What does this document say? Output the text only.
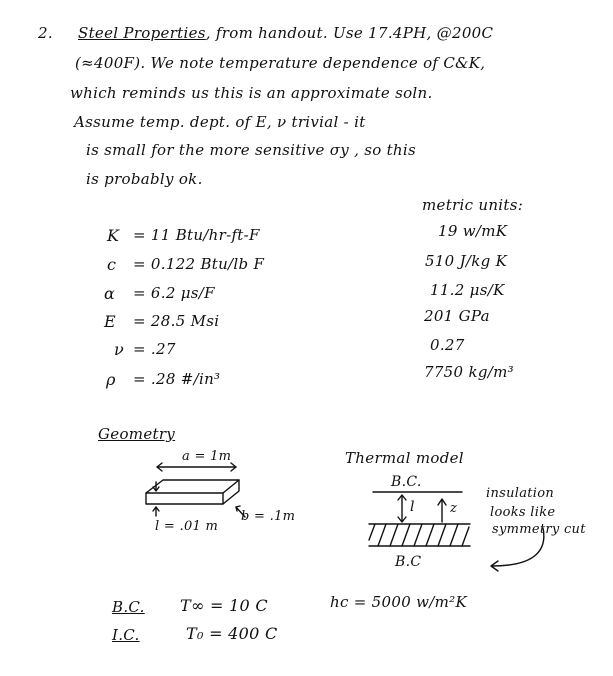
2. Steel Properties, from handout. Use 17.4PH, @200C
(≈400F). We note temperature dependence of C&K,
which reminds us this is an approximate soln.
Assume temp. dept. of E, ν trivial - it
is small for the more sensitive σy , so this
is probably ok.
metric units:
K = 11 Btu/hr-ft-F	19 w/mK
c = 0.122 Btu/lb F	510 J/kg K
α = 6.2 μs/F	11.2 μs/K
E = 28.5 Msi	201 GPa
ν = .27	0.27
ρ = .28 #/in³	7750 kg/m³
Geometry
a = 1m
b = .1m
l = .01 m
Thermal model
B.C.
B.C
l	z
insulation
looks like
symmetry cut
B.C. T∞ = 10 C	hc = 5000 w/m²K
I.C.	T₀ = 400 C
